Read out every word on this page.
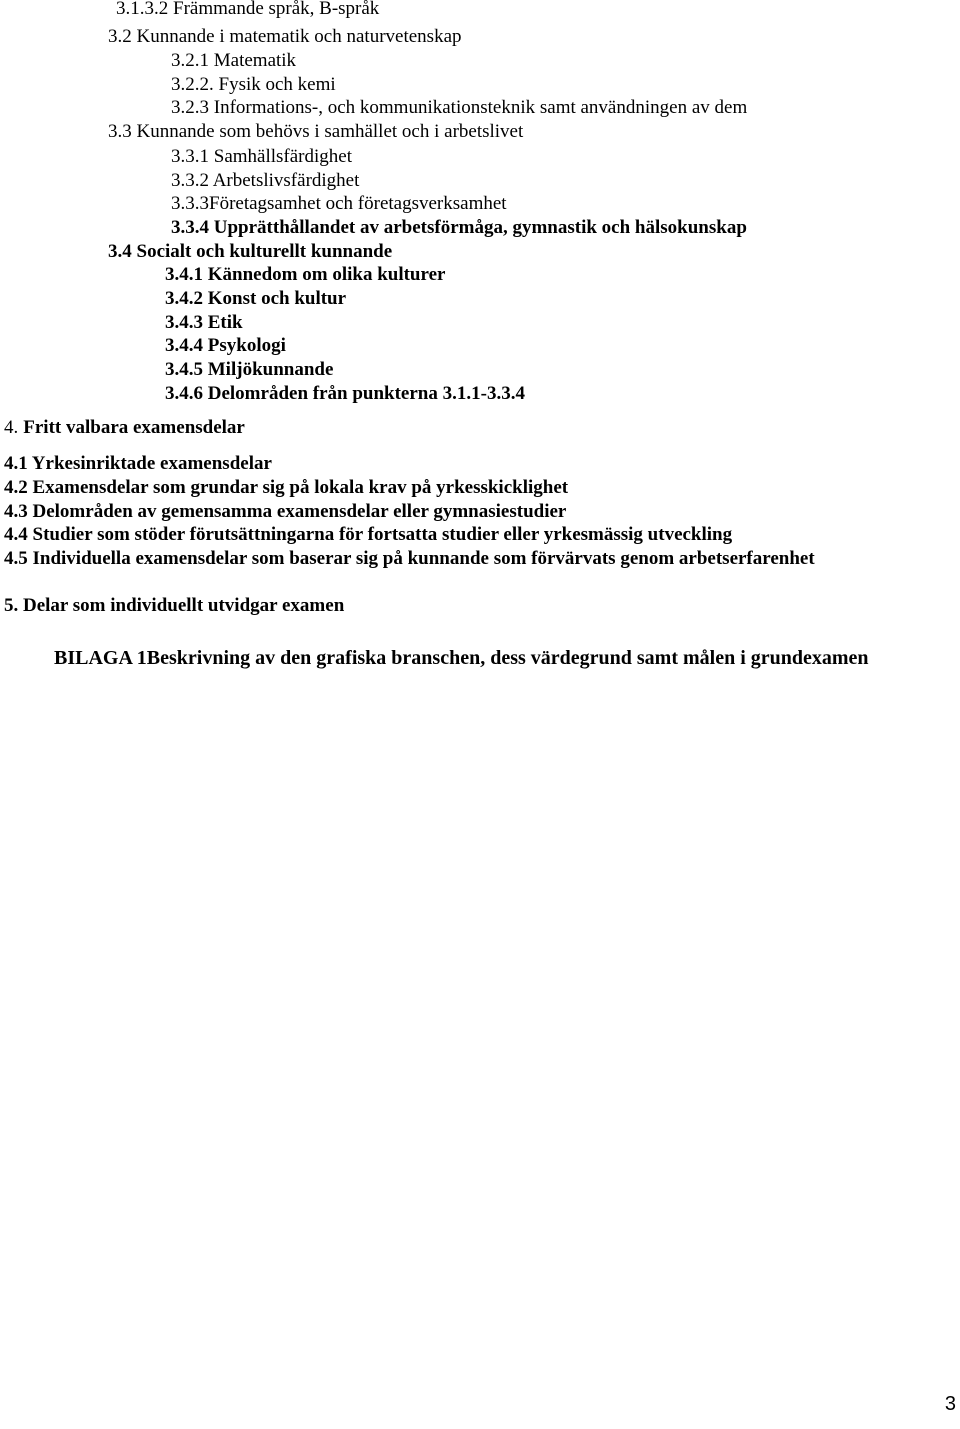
3.1.3.2 Främmande språk, B-språk
3.2 Kunnande i matematik och naturvetenskap
3.2.1 Matematik
3.2.2. Fysik och kemi
3.2.3 Informations-, och kommunikationsteknik samt användningen av dem
3.3 Kunnande som behövs i samhället och i arbetslivet
3.3.1 Samhällsfärdighet
3.3.2 Arbetslivsfärdighet
3.3.3Företagsamhet och företagsverksamhet
3.3.4 Upprätthållandet av arbetsförmåga, gymnastik och hälsokunskap
3.4 Socialt och kulturellt kunnande
3.4.1 Kännedom om olika kulturer
3.4.2 Konst och kultur
3.4.3 Etik
3.4.4 Psykologi
3.4.5 Miljökunnande
3.4.6 Delområden från punkterna 3.1.1-3.3.4
4. Fritt valbara examensdelar
4.1 Yrkesinriktade examensdelar
4.2 Examensdelar som grundar sig på lokala krav på yrkesskicklighet
4.3 Delområden av gemensamma examensdelar eller gymnasiestudier
4.4 Studier som stöder förutsättningarna för fortsatta studier eller yrkesmässig utveckling
4.5 Individuella examensdelar som baserar sig på kunnande som förvärvats genom arbetserfarenhet
5. Delar som individuellt utvidgar examen
BILAGA 1Beskrivning av den grafiska branschen, dess värdegrund samt målen i grundexamen
3
